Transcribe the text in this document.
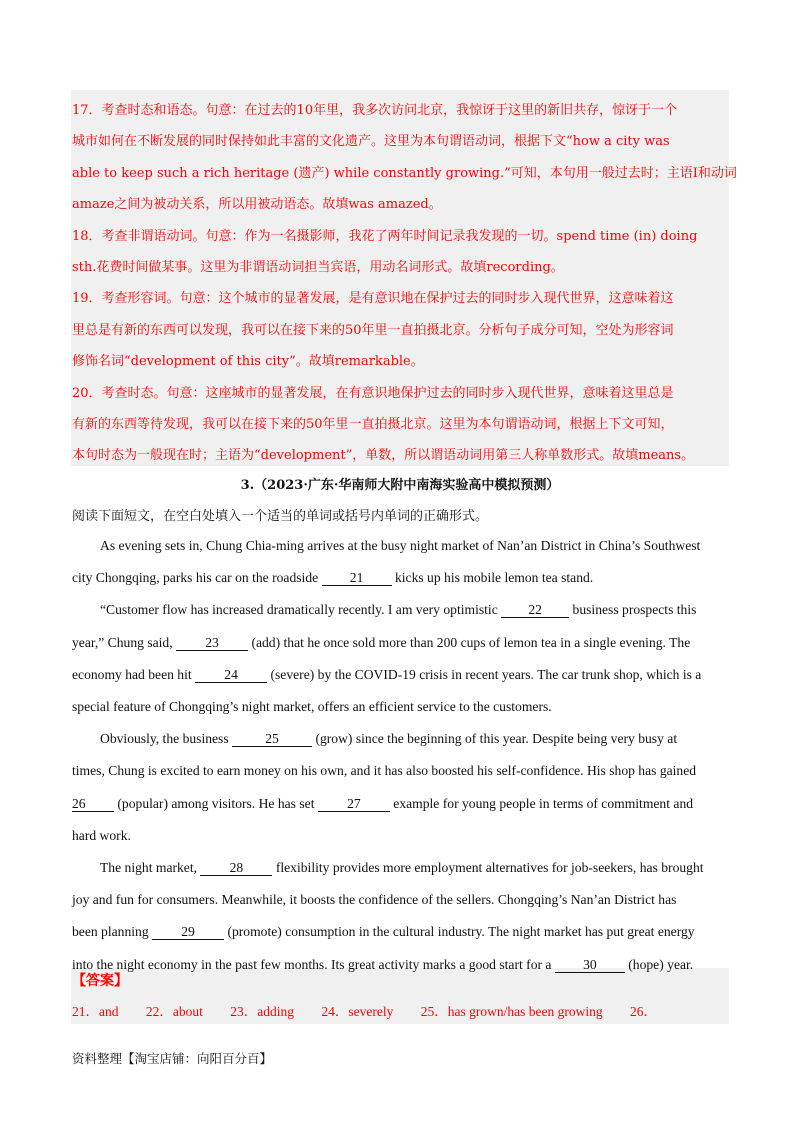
17．考查时态和语态。句意：在过去的10年里，我多次访问北京，我惊讶于这里的新旧共存，惊讶于一个

城市如何在不断发展的同时保持如此丰富的文化遗产。这里为本句谓语动词，根据下文“how a city was

able to keep such a rich heritage (遗产) while constantly growing.”可知，本句用一般过去时；主语I和动词

amaze之间为被动关系，所以用被动语态。故填was amazed。

18．考查非谓语动词。句意：作为一名摄影师，我花了两年时间记录我发现的一切。spend time (in) doing

sth.花费时间做某事。这里为非谓语动词担当宾语，用动名词形式。故填recording。

19．考查形容词。句意：这个城市的显著发展，是有意识地在保护过去的同时步入现代世界，这意味着这

里总是有新的东西可以发现，我可以在接下来的50年里一直拍摄北京。分析句子成分可知，空处为形容词

修饰名词“development of this city”。故填remarkable。

20．考查时态。句意：这座城市的显著发展，在有意识地保护过去的同时步入现代世界，意味着这里总是

有新的东西等待发现，我可以在接下来的50年里一直拍摄北京。这里为本句谓语动词，根据上下文可知，

本句时态为一般现在时；主语为“development”，单数，所以谓语动词用第三人称单数形式。故填means。

3.（2023·广东·华南师大附中南海实验高中模拟预测）
阅读下面短文，在空白处填入一个适当的单词或括号内单词的正确形式。

As evening sets in, Chung Chia-ming arrives at the busy night market of Nan’an District in China’s Southwest

city Chongqing, parks his car on the roadside 21 kicks up his mobile lemon tea stand.

“Customer flow has increased dramatically recently. I am very optimistic 22 business prospects this

year,” Chung said, 23 (add) that he once sold more than 200 cups of lemon tea in a single evening. The

economy had been hit 24 (severe) by the COVID-19 crisis in recent years. The car trunk shop, which is a

special feature of Chongqing’s night market, offers an efficient service to the customers.

Obviously, the business	25	(grow) since the beginning of this year. Despite being very busy at

times, Chung is excited to earn money on his own, and it has also boosted his self-confidence. His shop has gained

26 (popular) among visitors. He has set 27 example for young people in terms of commitment and

hard work.

The night market, 28 flexibility provides more employment alternatives for job-seekers, has brought

joy and fun for consumers. Meanwhile, it boosts the confidence of the sellers. Chongqing’s Nan’an District has

been planning 29 (promote) consumption in the cultural industry. The night market has put great energy

into the night economy in the past few months. Its great activity marks a good start for a 30 (hope) year.

【答案】
21．and 22．about 23．adding 24．severely 25．has grown/has been growing 26．
资料整理【淘宝店铺：向阳百分百】
